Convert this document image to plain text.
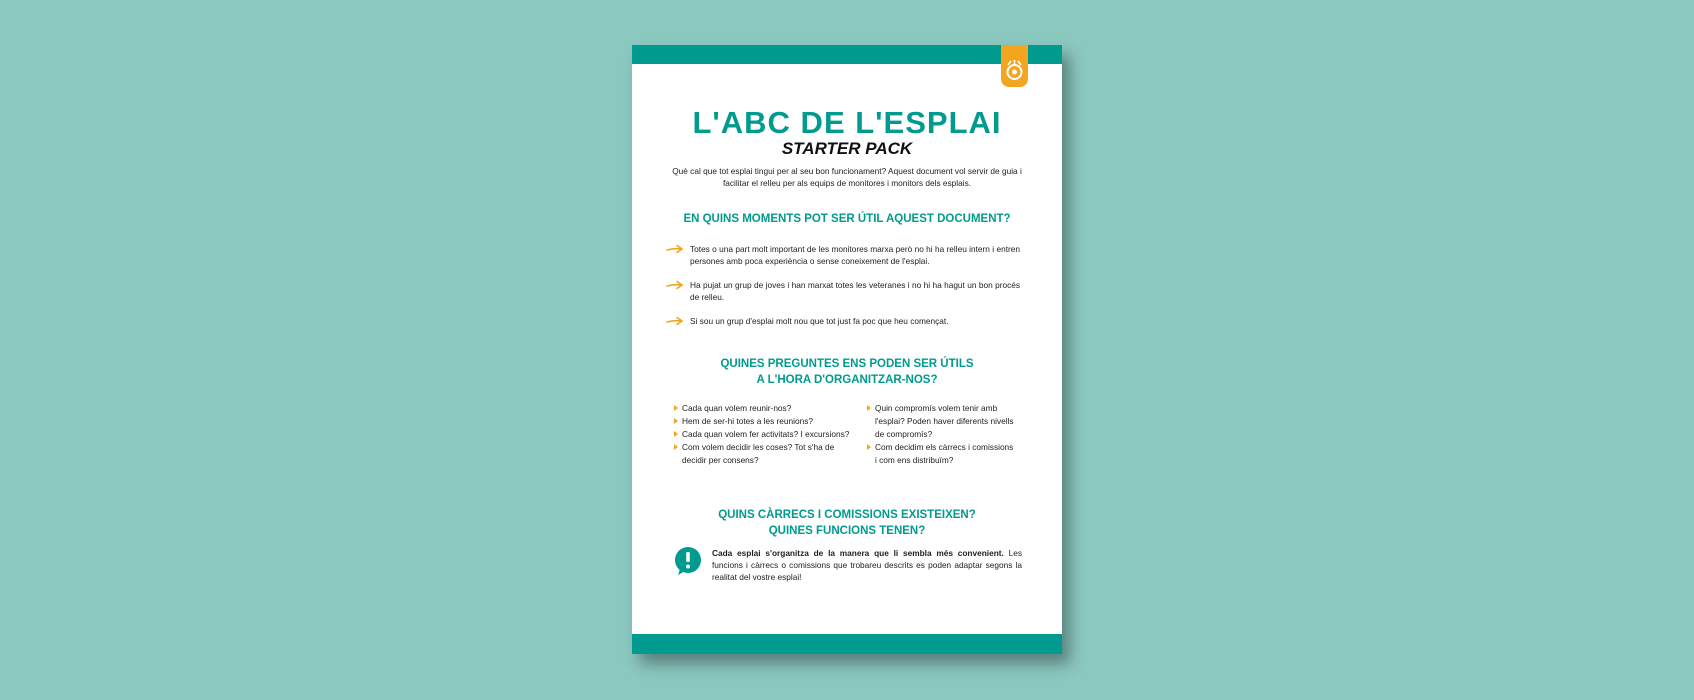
L'ABC DE L'ESPLAI
STARTER PACK
Què cal que tot esplai tingui per al seu bon funcionament? Aquest document vol servir de guia i facilitar el relleu per als equips de monitores i monitors dels esplais.
EN QUINS MOMENTS POT SER ÚTIL AQUEST DOCUMENT?
Totes o una part molt important de les monitores marxa però no hi ha relleu intern i entren persones amb poca experiència o sense coneixement de l'esplai.
Ha pujat un grup de joves i han marxat totes les veteranes i no hi ha hagut un bon procés de relleu.
Si sou un grup d'esplai molt nou que tot just fa poc que heu començat.
QUINES PREGUNTES ENS PODEN SER ÚTILS
A L'HORA D'ORGANITZAR-NOS?
Cada quan volem reunir-nos?
Hem de ser-hi totes a les reunions?
Cada quan volem fer activitats? I excursions?
Com volem decidir les coses? Tot s'ha de decidir per consens?
Quin compromís volem tenir amb l'esplai? Poden haver diferents nivells de compromís?
Com decidim els càrrecs i comissions i com ens distribuïm?
QUINS CÀRRECS I COMISSIONS EXISTEIXEN?
QUINES FUNCIONS TENEN?
Cada esplai s'organitza de la manera que li sembla més convenient. Les funcions i càrrecs o comissions que trobareu descrits es poden adaptar segons la realitat del vostre esplai!
